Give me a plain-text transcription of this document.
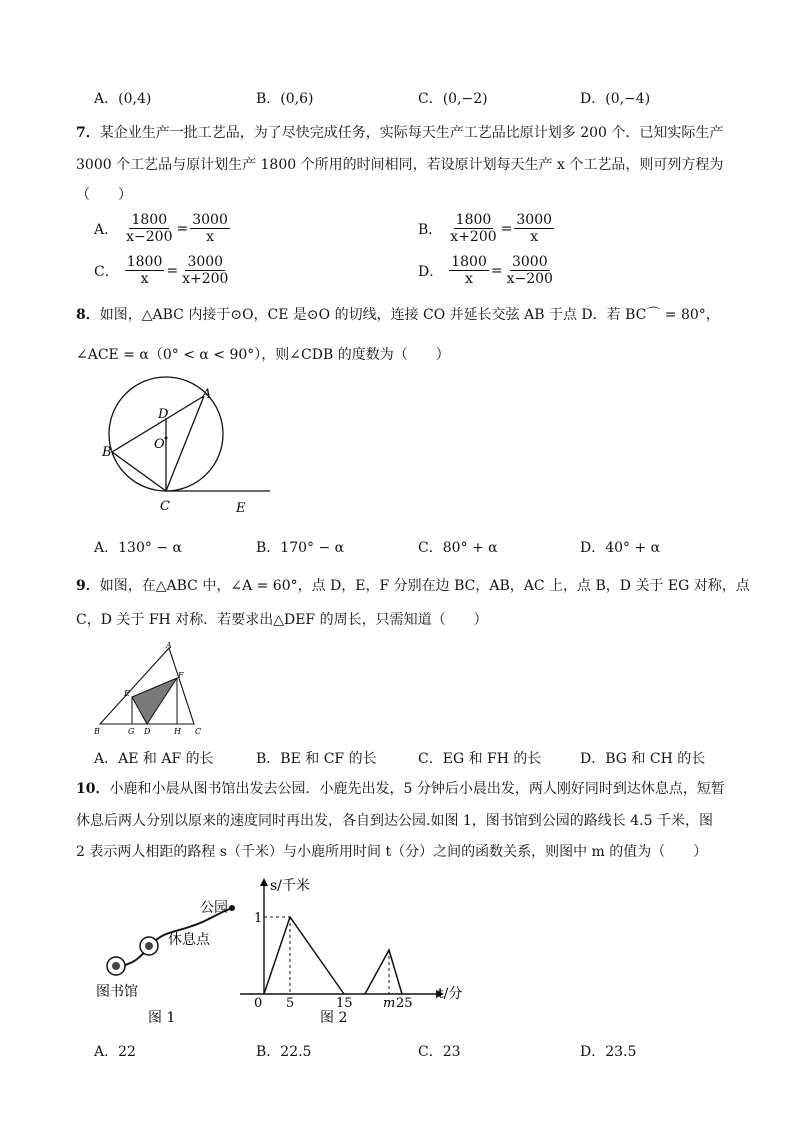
A．(0,4)	B．(0,6)	C．(0,−2)	D．(0,−4)
7．某企业生产一批工艺品，为了尽快完成任务，实际每天生产工艺品比原计划多 200 个．已知实际生产
3000 个工艺品与原计划生产 1800 个所用的时间相同，若设原计划每天生产 x 个工艺品，则可列方程为
（　　）
A． $\frac{1800}{x-200} = \frac{3000}{x}$	B． $\frac{1800}{x+200} = \frac{3000}{x}$
C． $\frac{1800}{x} = \frac{3000}{x+200}$	D． $\frac{1800}{x} = \frac{3000}{x-200}$
8．如图，△ABC 内接于⊙O，CE 是⊙O 的切线，连接 CO 并延长交弦 AB 于点 D．若 BC⌒ = 80°，
∠ACE = α（0° < α < 90°），则∠CDB 的度数为（　　）
A
B
C
D
O
E
A．130° − α	B．170° − α	C．80° + α	D．40° + α
9．如图，在△ABC 中，∠A = 60°，点 D，E，F 分别在边 BC，AB，AC 上，点 B，D 关于 EG 对称，点
C，D 关于 FH 对称．若要求出△DEF 的周长，只需知道（　　）
A
B	C
D
E
F
G	H
A．AE 和 AF 的长	B．BE 和 CF 的长	C．EG 和 FH 的长	D．BG 和 CH 的长
10．小鹿和小晨从图书馆出发去公园．小鹿先出发，5 分钟后小晨出发，两人刚好同时到达休息点，短暂
休息后两人分别以原来的速度同时再出发，各自到达公园.如图 1，图书馆到公园的路线长 4.5 千米，图
2 表示两人相距的路程 s（千米）与小鹿所用时间 t（分）之间的函数关系，则图中 m 的值为（　　）
公园
休息点
图书馆
图 1
s/千米
t/分
1
0 5	15 m 25
图 2
A．22	B．22.5	C．23	D．23.5
